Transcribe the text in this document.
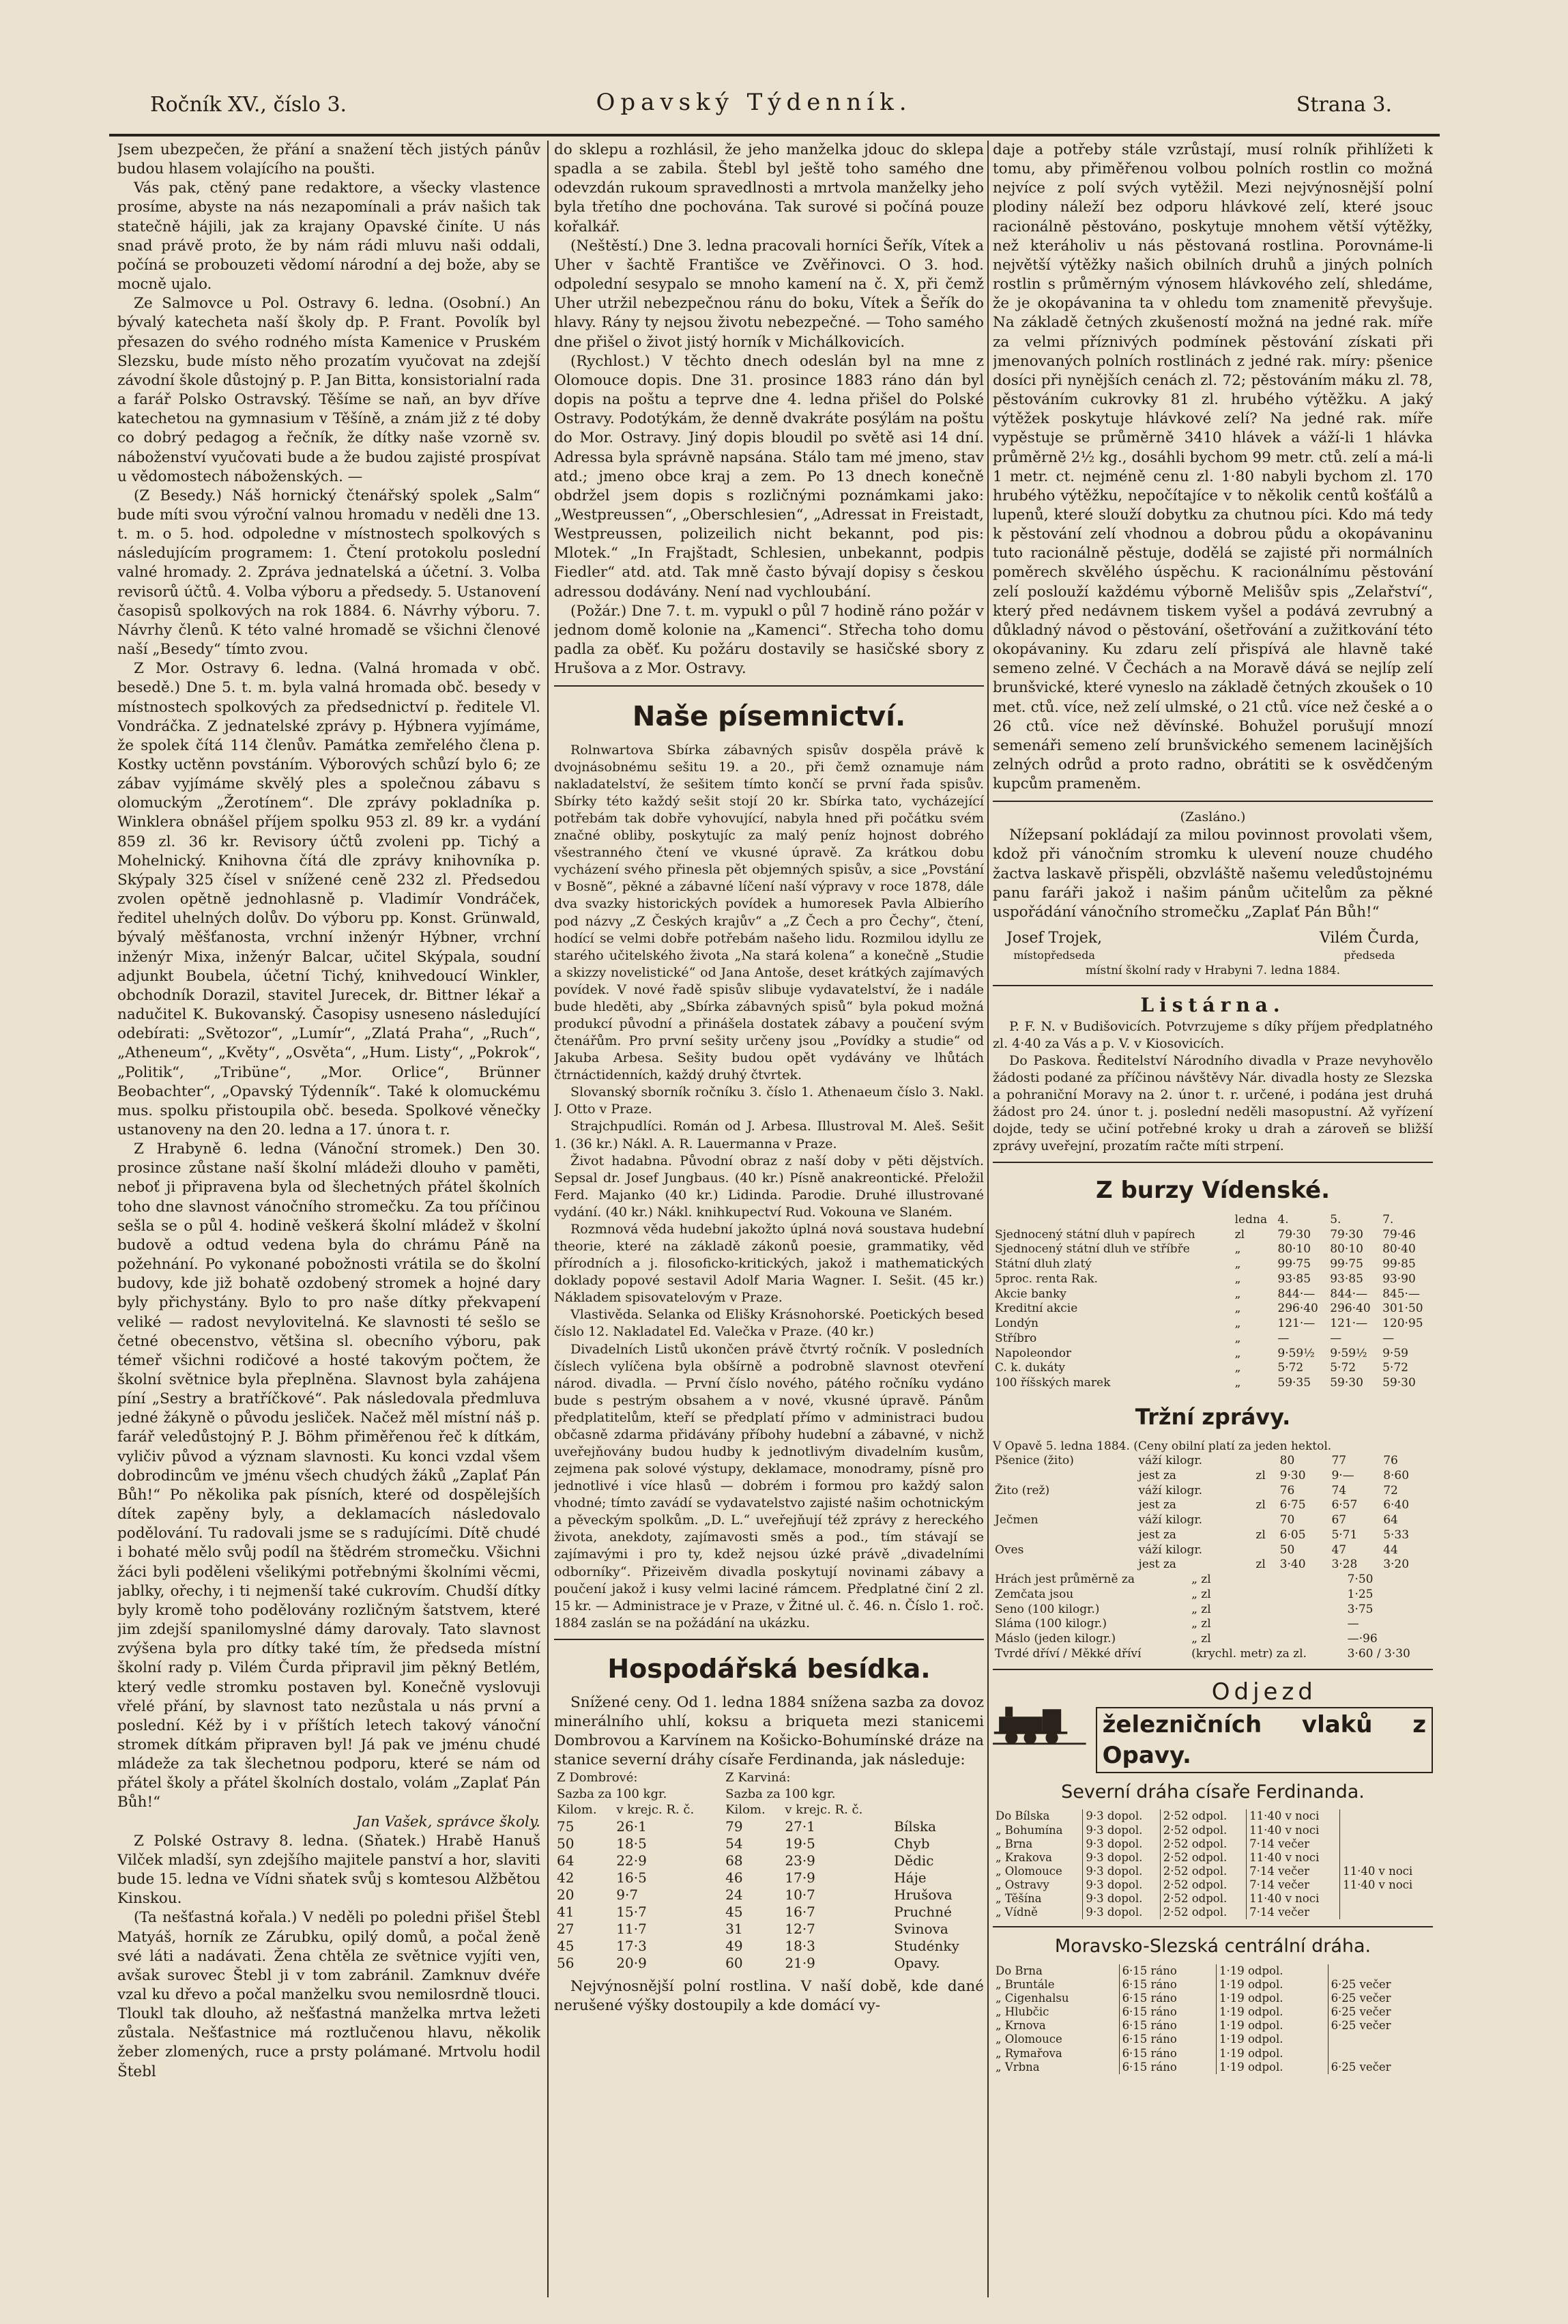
Ročník XV., číslo 3.	Opavský Týdenník.	Strana 3.

Jsem ubezpečen, že přání a snažení těch jistých pánův budou hlasem volajícího na poušti.

Vás pak, ctěný pane redaktore, a všecky vlastence prosíme, abyste na nás nezapomínali a práv našich tak statečně hájili, jak za krajany Opavské činíte. U nás snad právě proto, že by nám rádi mluvu naši oddali, počíná se probouzeti vědomí národní a dej bože, aby se mocně ujalo.

Ze Salmovce u Pol. Ostravy 6. ledna. (Osobní.) An bývalý katecheta naší školy dp. P. Frant. Povolík byl přesazen do svého rodného místa Kamenice v Pruském Slezsku, bude místo něho prozatím vyučovat na zdejší závodní škole důstojný p. P. Jan Bitta, konsistorialní rada a farář Polsko Ostravský. Těšíme se naň, an byv dříve katechetou na gymnasium v Těšíně, a znám již z té doby co dobrý pedagog a řečník, že dítky naše vzorně sv. náboženství vyučovati bude a že budou zajisté prospívat u vědomostech náboženských. —

(Z Besedy.) Náš hornický čtenářský spolek „Salm“ bude míti svou výroční valnou hromadu v neděli dne 13. t. m. o 5. hod. odpoledne v místnostech spolkových s následujícím programem: 1. Čtení protokolu poslední valné hromady. 2. Zpráva jednatelská a účetní. 3. Volba revisorů účtů. 4. Volba výboru a předsedy. 5. Ustanovení časopisů spolkových na rok 1884. 6. Návrhy výboru. 7. Návrhy členů. K této valné hromadě se všichni členové naší „Besedy“ tímto zvou.

Z Mor. Ostravy 6. ledna. (Valná hromada v obč. besedě.) Dne 5. t. m. byla valná hromada obč. besedy v místnostech spolkových za předsednictví p. ředitele Vl. Vondráčka. Z jednatelské zprávy p. Hýbnera vyjímáme, že spolek čítá 114 členův. Památka zemřelého člena p. Kostky uctěnn povstáním. Výborových schůzí bylo 6; ze zábav vyjímáme skvělý ples a společnou zábavu s olomuckým „Žerotínem“. Dle zprávy pokladníka p. Winklera obnášel příjem spolku 953 zl. 89 kr. a vydání 859 zl. 36 kr. Revisory účtů zvoleni pp. Tichý a Mohelnický. Knihovna čítá dle zprávy knihovníka p. Skýpaly 325 čísel v snížené ceně 232 zl. Předsedou zvolen opětně jednohlasně p. Vladimír Vondráček, ředitel uhelných dolův. Do výboru pp. Konst. Grünwald, bývalý měšťanosta, vrchní inženýr Hýbner, vrchní inženýr Mixa, inženýr Balcar, učitel Skýpala, soudní adjunkt Boubela, účetní Tichý, knihvedoucí Winkler, obchodník Dorazil, stavitel Jurecek, dr. Bittner lékař a nadučitel K. Bukovanský. Časopisy usneseno následující odebírati: „Světozor“, „Lumír“, „Zlatá Praha“, „Ruch“, „Atheneum“, „Květy“, „Osvěta“, „Hum. Listy“, „Pokrok“, „Politik“, „Tribüne“, „Mor. Orlice“, Brünner Beobachter“, „Opavský Týdenník“. Také k olomuckému mus. spolku přistoupila obč. beseda. Spolkové věnečky ustanoveny na den 20. ledna a 17. února t. r.

Z Hrabyně 6. ledna (Vánoční stromek.) Den 30. prosince zůstane naší školní mládeži dlouho v paměti, neboť ji připravena byla od šlechetných přátel školních toho dne slavnost vánočního stromečku. Za tou příčinou sešla se o půl 4. hodině veškerá školní mládež v školní budově a odtud vedena byla do chrámu Páně na požehnání. Po vykonané pobožnosti vrátila se do školní budovy, kde již bohatě ozdobený stromek a hojné dary byly přichystány. Bylo to pro naše dítky překvapení veliké — radost nevylovitelná. Ke slavnosti té sešlo se četné obecenstvo, většina sl. obecního výboru, pak témeř všichni rodičové a hosté takovým počtem, že školní světnice byla přeplněna. Slavnost byla zahájena píní „Sestry a bratříčkové“. Pak následovala předmluva jedné žákyně o původu jesliček. Načež měl místní náš p. farář veledůstojný P. J. Böhm přiměřenou řeč k dítkám, vyličiv původ a význam slavnosti. Ku konci vzdal všem dobrodincům ve jménu všech chudých žáků „Zaplať Pán Bůh!“ Po několika pak písních, které od dospělejších dítek zapěny byly, a deklamacích následovalo podělování. Tu radovali jsme se s radujícími. Dítě chudé i bohaté mělo svůj podíl na štědrém stromečku. Všichni žáci byli poděleni všelikými potřebnými školními věcmi, jablky, ořechy, i ti nejmenší také cukrovím. Chudší dítky byly kromě toho podělovány rozličným šatstvem, které jim zdejší spanilomyslné dámy darovaly. Tato slavnost zvýšena byla pro dítky také tím, že předseda místní školní rady p. Vilém Čurda připravil jim pěkný Betlém, který vedle stromku postaven byl. Konečně vyslovuji vřelé přání, by slavnost tato nezůstala u nás první a poslední. Kéž by i v příštích letech takový vánoční stromek dítkám připraven byl! Já pak ve jménu chudé mládeže za tak šlechetnou podporu, které se nám od přátel školy a přátel školních dostalo, volám „Zaplať Pán Bůh!“

Jan Vašek, správce školy.

Z Polské Ostravy 8. ledna. (Sňatek.) Hrabě Hanuš Vilček mladší, syn zdejšího majitele panství a hor, slaviti bude 15. ledna ve Vídni sňatek svůj s komtesou Alžbětou Kinskou.

(Ta nešťastná kořala.) V neděli po poledni přišel Štebl Matyáš, horník ze Zárubku, opilý domů, a počal ženě své láti a nadávati. Žena chtěla ze světnice vyjíti ven, avšak surovec Štebl ji v tom zabránil. Zamknuv dvéře vzal ku dřevo a počal manželku svou nemilosrdně tlouci. Tloukl tak dlouho, až nešťastná manželka mrtva ležeti zůstala. Nešťastnice má roztlučenou hlavu, několik žeber zlomených, ruce a prsty polámané. Mrtvolu hodil Štebl

do sklepu a rozhlásil, že jeho manželka jdouc do sklepa spadla a se zabila. Štebl byl ještě toho samého dne odevzdán rukoum spravedlnosti a mrtvola manželky jeho byla třetího dne pochována. Tak surové si počíná pouze kořalkář.

(Neštěstí.) Dne 3. ledna pracovali horníci Šeřík, Vítek a Uher v šachtě Františce ve Zvěřinovci. O 3. hod. odpolední sesypalo se mnoho kamení na č. X, při čemž Uher utržil nebezpečnou ránu do boku, Vítek a Šeřík do hlavy. Rány ty nejsou životu nebezpečné. — Toho samého dne přišel o život jistý horník v Michálkovicích.

(Rychlost.) V těchto dnech odeslán byl na mne z Olomouce dopis. Dne 31. prosince 1883 ráno dán byl dopis na poštu a teprve dne 4. ledna přišel do Polské Ostravy. Podotýkám, že denně dvakráte posýlám na poštu do Mor. Ostravy. Jiný dopis bloudil po světě asi 14 dní. Adressa byla správně napsána. Stálo tam mé jmeno, stav atd.; jmeno obce kraj a zem. Po 13 dnech konečně obdržel jsem dopis s rozličnými poznámkami jako: „Westpreussen“, „Oberschlesien“, „Adressat in Freistadt, Westpreussen, polizeilich nicht bekannt, pod pis: Mlotek.“ „In Frajštadt, Schlesien, unbekannt, podpis Fiedler“ atd. atd. Tak mně často bývají dopisy s českou adressou dodávány. Není nad vychloubání.

(Požár.) Dne 7. t. m. vypukl o půl 7 hodině ráno požár v jednom domě kolonie na „Kamenci“. Střecha toho domu padla za oběť. Ku požáru dostavily se hasičské sbory z Hrušova a z Mor. Ostravy.

Naše písemnictví.

Rolnwartova Sbírka zábavných spisův dospěla právě k dvojnásobnému sešitu 19. a 20., při čemž oznamuje nám nakladatelství, že sešitem tímto končí se první řada spisův. Sbírky této každý sešit stojí 20 kr. Sbírka tato, vycházející potřebám tak dobře vyhovující, nabyla hned při počátku svém značné obliby, poskytujíc za malý peníz hojnost dobrého všestranného čtení ve vkusné úpravě. Za krátkou dobu vycházení svého přinesla pět objemných spisův, a sice „Povstání v Bosně“, pěkné a zábavné líčení naší výpravy v roce 1878, dále dva svazky historických povídek a humoresek Pavla Albierího pod názvy „Z Českých krajův“ a „Z Čech a pro Čechy“, čtení, hodící se velmi dobře potřebám našeho lidu. Rozmilou idyllu ze starého učitelského života „Na stará kolena“ a konečně „Studie a skizzy novelistické“ od Jana Antoše, deset krátkých zajímavých povídek. V nové řadě spisův slibuje vydavatelství, že i nadále bude hleděti, aby „Sbírka zábavných spisů“ byla pokud možná produkcí původní a přinášela dostatek zábavy a poučení svým čtenářům. Pro první sešity určeny jsou „Povídky a studie“ od Jakuba Arbesa. Sešity budou opět vydávány ve lhůtách čtrnáctidenních, každý druhý čtvrtek.

Slovanský sborník ročníku 3. číslo 1. Athenaeum číslo 3. Nakl. J. Otto v Praze.

Strajchpudlíci. Román od J. Arbesa. Illustroval M. Aleš. Sešit 1. (36 kr.) Nákl. A. R. Lauermanna v Praze.

Život hadabna. Původní obraz z naší doby v pěti dějstvích. Sepsal dr. Josef Jungbaus. (40 kr.) Písně anakreontické. Přeložil Ferd. Majanko (40 kr.) Lidinda. Parodie. Druhé illustrované vydání. (40 kr.) Nákl. knihkupectví Rud. Vokouna ve Slaném.

Rozmnová věda hudební jakožto úplná nová soustava hudební theorie, které na základě zákonů poesie, grammatiky, věd přírodních a j. filosoficko-kritických, jakož i mathematických doklady popové sestavil Adolf Maria Wagner. I. Sešit. (45 kr.) Nákladem spisovatelovým v Praze.

Vlastivěda. Selanka od Elišky Krásnohorské. Poetických besed číslo 12. Nakladatel Ed. Valečka v Praze. (40 kr.)

Divadelních Listů ukončen právě čtvrtý ročník. V posledních číslech vylíčena byla obšírně a podrobně slavnost otevření národ. divadla. — První číslo nového, pátého ročníku vydáno bude s pestrým obsahem a v nové, vkusné úpravě. Pánům předplatitelům, kteří se předplatí přímo v administraci budou občasně zdarma přidávány příbohy hudební a zábavné, v nichž uveřejňovány budou hudby k jednotlivým divadelním kusům, zejmena pak solové výstupy, deklamace, monodramy, písně pro jednotlivé i více hlasů — dobrém i formou pro každý salon vhodné; tímto zavádí se vydavatelstvo zajisté našim ochotnickým a pěveckým spolkům. „D. L.“ uveřejňují též zprávy z hereckého života, anekdoty, zajímavosti směs a pod., tím stávají se zajímavými i pro ty, kdež nejsou úzké právě „divadelními odborníky“. Přizeivěm divadla poskytují novinami zábavy a poučení jakož i kusy velmi laciné rámcem. Předplatné činí 2 zl. 15 kr. — Administrace je v Praze, v Žitné ul. č. 46. n. Číslo 1. roč. 1884 zaslán se na požádání na ukázku.

Hospodářská besídka.

Snížené ceny. Od 1. ledna 1884 snížena sazba za dovoz minerálního uhlí, koksu a briqueta mezi stanicemi Dombrovou a Karvínem na Košicko-Bohumínské dráze na stanice severní dráhy císaře Ferdinanda, jak následuje:

Z Dombrové:		Z Karviná:		
Sazba za 100 kgr.		Sazba za 100 kgr.		
Kilom.	v krejc. R. č.	Kilom.	v krejc. R. č.	
75	26·1	79	27·1	Bílska
50	18·5	54	19·5	Chyb
64	22·9	68	23·9	Dědic
42	16·5	46	17·9	Háje
20	9·7	24	10·7	Hrušova
41	15·7	45	16·7	Pruchné
27	11·7	31	12·7	Svinova
45	17·3	49	18·3	Studénky
56	20·9	60	21·9	Opavy.

Nejvýnosnější polní rostlina. V naší době, kde dané nerušené výšky dostoupily a kde domácí vy-

daje a potřeby stále vzrůstají, musí rolník přihlížeti k tomu, aby přiměřenou volbou polních rostlin co možná nejvíce z polí svých vytěžil. Mezi nejvýnosnější polní plodiny náleží bez odporu hlávkové zelí, které jsouc racionálně pěstováno, poskytuje mnohem větší výtěžky, než kteráholiv u nás pěstovaná rostlina. Porovnáme-li největší výtěžky našich obilních druhů a jiných polních rostlin s průměrným výnosem hlávkového zelí, shledáme, že je okopávanina ta v ohledu tom znamenitě převyšuje. Na základě četných zkušeností možná na jedné rak. míře za velmi příznivých podmínek pěstování získati při jmenovaných polních rostlinách z jedné rak. míry: pšenice dosíci při nynějších cenách zl. 72; pěstováním máku zl. 78, pěstováním cukrovky 81 zl. hrubého výtěžku. A jaký výtěžek poskytuje hlávkové zelí? Na jedné rak. míře vypěstuje se průměrně 3410 hlávek a váží-li 1 hlávka průměrně 2½ kg., dosáhli bychom 99 metr. ctů. zelí a má-li 1 metr. ct. nejméně cenu zl. 1·80 nabyli bychom zl. 170 hrubého výtěžku, nepočítajíce v to několik centů košťálů a lupenů, které slouží dobytku za chutnou píci. Kdo má tedy k pěstování zelí vhodnou a dobrou půdu a okopávaninu tuto racionálně pěstuje, dodělá se zajisté při normálních poměrech skvělého úspěchu. K racionálnímu pěstování zelí poslouží každému výborně Melišův spis „Zelařství“, který před nedávnem tiskem vyšel a podává zevrubný a důkladný návod o pěstování, ošetřování a zužitkování této okopávaniny. Ku zdaru zelí přispívá ale hlavně také semeno zelné. V Čechách a na Moravě dává se nejlíp zelí brunšvické, které vyneslo na základě četných zkoušek o 10 met. ctů. více, než zelí ulmské, o 21 ctů. více než české a o 26 ctů. více než děvínské. Bohužel porušují mnozí semenáři semeno zelí brunšvického semenem lacinějších zelných odrůd a proto radno, obrátiti se k osvědčeným kupcům prameněm.

(Zasláno.)

Nížepsaní pokládají za milou povinnost provolati všem, kdož při vánočním stromku k ulevení nouze chudého žactva laskavě přispěli, obzvláště našemu veledůstojnému panu faráři jakož i našim pánům učitelům za pěkné uspořádání vánočního stromečku „Zaplať Pán Bůh!“

Josef Trojek,
místopředseda
Vilém Čurda,
předseda
místní školní rady v Hrabyni 7. ledna 1884.
Listárna.

P. F. N. v Budišovicích. Potvrzujeme s díky příjem předplatného zl. 4·40 za Vás a p. V. v Kiosovicích.

Do Paskova. Ředitelství Národního divadla v Praze nevyhovělo žádosti podané za příčinou návštěvy Nár. divadla hosty ze Slezska a pohraniční Moravy na 2. únor t. r. určené, i podána jest druhá žádost pro 24. únor t. j. poslední neděli masopustní. Až vyřízení dojde, tedy se učiní potřebné kroky u drah a zároveň se bližší zprávy uveřejní, prozatím račte míti strpení.

Z burzy Vídenské.
	ledna	4.	5.	7.
Sjednocený státní dluh v papírech	zl	79·30	79·30	79·46
Sjednocený státní dluh ve stříbře	„	80·10	80·10	80·40
Státní dluh zlatý	„	99·75	99·75	99·85
5proc. renta Rak.	„	93·85	93·85	93·90
Akcie banky	„	844·—	844·—	845·—
Kreditní akcie	„	296·40	296·40	301·50
Londýn	„	121·—	121·—	120·95
Stříbro	„	—	—	—
Napoleondor	„	9·59½	9·59½	9·59
C. k. dukáty	„	5·72	5·72	5·72
100 říšských marek	„	59·35	59·30	59·30
Tržní zprávy.
V Opavě 5. ledna 1884. (Ceny obilní platí za jeden hektol.
Pšenice (žito)	váží kilogr.		80	77	76
	jest za	zl	9·30	9·—	8·60
Žito (rež)	váží kilogr.		76	74	72
	jest za	zl	6·75	6·57	6·40
Ječmen	váží kilogr.		70	67	64
	jest za	zl	6·05	5·71	5·33
Oves	váží kilogr.		50	47	44
	jest za	zl	3·40	3·28	3·20
Hrách jest průměrně za	„ zl	7·50
Zemčata jsou	„ zl	1·25
Seno (100 kilogr.)	„ zl	3·75
Sláma (100 kilogr.)	„ zl	—
Máslo (jeden kilogr.)	„ zl	—·96
Tvrdé dříví / Měkké dříví	(krychl. metr) za zl.	3·60 / 3·30
Odjezd
železničních vlaků z Opavy.
Severní dráha císaře Ferdinanda.
Do Bílska	9·3 dopol.	2·52 odpol.	11·40 v noci	
„ Bohumína	9·3 dopol.	2·52 odpol.	11·40 v noci	
„ Brna	9·3 dopol.	2·52 odpol.	7·14 večer	
„ Krakova	9·3 dopol.	2·52 odpol.	11·40 v noci	
„ Olomouce	9·3 dopol.	2·52 odpol.	7·14 večer	11·40 v noci
„ Ostravy	9·3 dopol.	2·52 odpol.	7·14 večer	11·40 v noci
„ Těšína	9·3 dopol.	2·52 odpol.	11·40 v noci	
„ Vídně	9·3 dopol.	2·52 odpol.	7·14 večer	
Moravsko-Slezská centrální dráha.
Do Brna	6·15 ráno	1·19 odpol.	
„ Bruntále	6·15 ráno	1·19 odpol.	6·25 večer
„ Cigenhalsu	6·15 ráno	1·19 odpol.	6·25 večer
„ Hlubčic	6·15 ráno	1·19 odpol.	6·25 večer
„ Krnova	6·15 ráno	1·19 odpol.	6·25 večer
„ Olomouce	6·15 ráno	1·19 odpol.	
„ Rymařova	6·15 ráno	1·19 odpol.	
„ Vrbna	6·15 ráno	1·19 odpol.	6·25 večer
